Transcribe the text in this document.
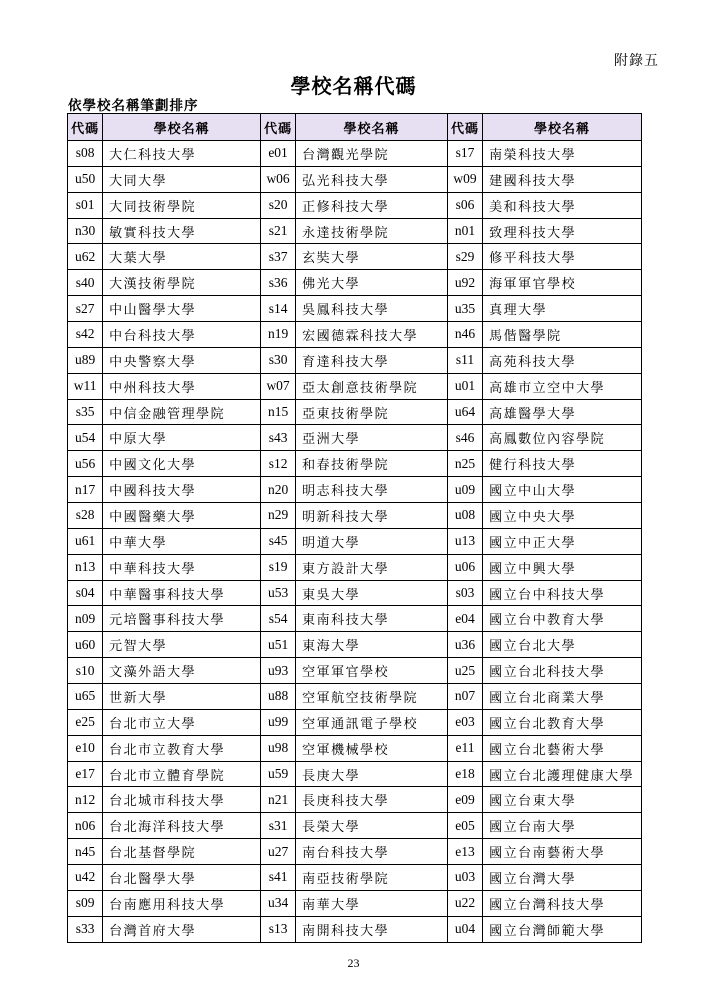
附錄五
學校名稱代碼
依學校名稱筆劃排序
代碼	學校名稱	代碼	學校名稱	代碼	學校名稱
s08	大仁科技大學	e01	台灣觀光學院	s17	南榮科技大學
u50	大同大學	w06	弘光科技大學	w09	建國科技大學
s01	大同技術學院	s20	正修科技大學	s06	美和科技大學
n30	敏實科技大學	s21	永達技術學院	n01	致理科技大學
u62	大葉大學	s37	玄奘大學	s29	修平科技大學
s40	大漢技術學院	s36	佛光大學	u92	海軍軍官學校
s27	中山醫學大學	s14	吳鳳科技大學	u35	真理大學
s42	中台科技大學	n19	宏國德霖科技大學	n46	馬偕醫學院
u89	中央警察大學	s30	育達科技大學	s11	高苑科技大學
w11	中州科技大學	w07	亞太創意技術學院	u01	高雄市立空中大學
s35	中信金融管理學院	n15	亞東技術學院	u64	高雄醫學大學
u54	中原大學	s43	亞洲大學	s46	高鳳數位內容學院
u56	中國文化大學	s12	和春技術學院	n25	健行科技大學
n17	中國科技大學	n20	明志科技大學	u09	國立中山大學
s28	中國醫藥大學	n29	明新科技大學	u08	國立中央大學
u61	中華大學	s45	明道大學	u13	國立中正大學
n13	中華科技大學	s19	東方設計大學	u06	國立中興大學
s04	中華醫事科技大學	u53	東吳大學	s03	國立台中科技大學
n09	元培醫事科技大學	s54	東南科技大學	e04	國立台中教育大學
u60	元智大學	u51	東海大學	u36	國立台北大學
s10	文藻外語大學	u93	空軍軍官學校	u25	國立台北科技大學
u65	世新大學	u88	空軍航空技術學院	n07	國立台北商業大學
e25	台北市立大學	u99	空軍通訊電子學校	e03	國立台北教育大學
e10	台北市立教育大學	u98	空軍機械學校	e11	國立台北藝術大學
e17	台北市立體育學院	u59	長庚大學	e18	國立台北護理健康大學
n12	台北城市科技大學	n21	長庚科技大學	e09	國立台東大學
n06	台北海洋科技大學	s31	長榮大學	e05	國立台南大學
n45	台北基督學院	u27	南台科技大學	e13	國立台南藝術大學
u42	台北醫學大學	s41	南亞技術學院	u03	國立台灣大學
s09	台南應用科技大學	u34	南華大學	u22	國立台灣科技大學
s33	台灣首府大學	s13	南開科技大學	u04	國立台灣師範大學
23
